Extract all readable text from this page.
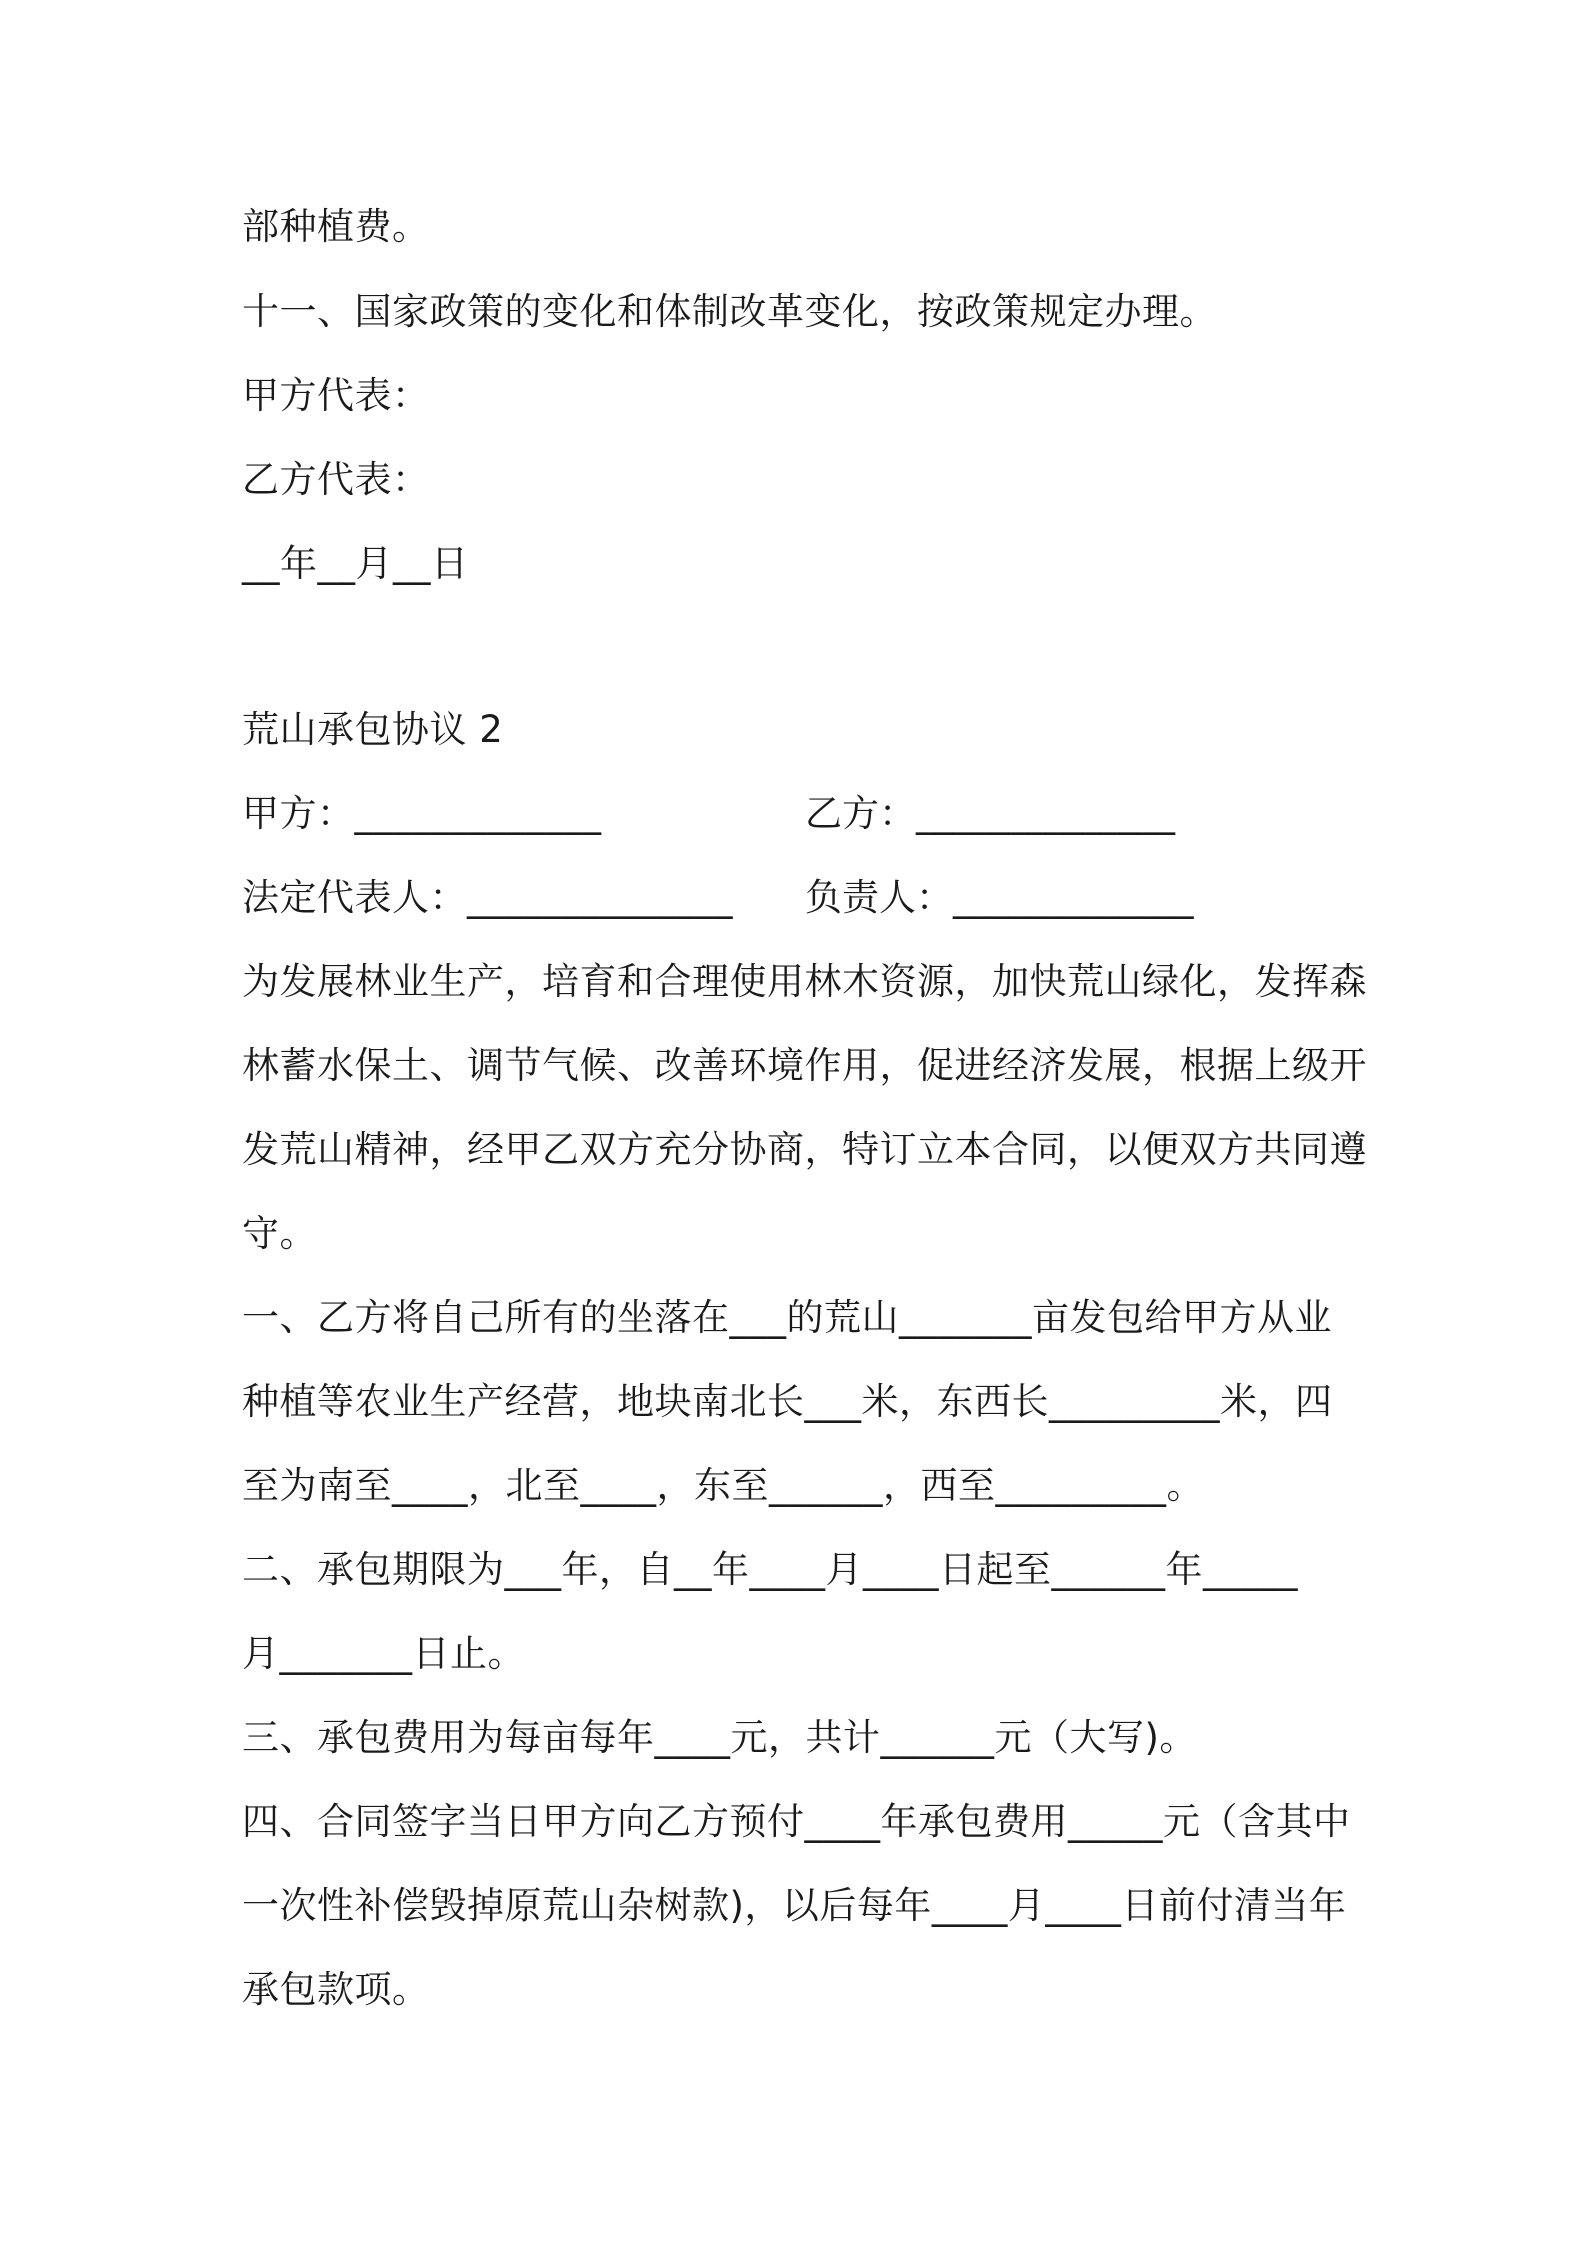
部种植费。
十一、国家政策的变化和体制改革变化，按政策规定办理。
甲方代表：
乙方代表：
__年__月__日
荒山承包协议 2
甲方：_____________	乙方：______________
法定代表人：______________	负责人：_____________
为发展林业生产，培育和合理使用林木资源，加快荒山绿化，发挥森
林蓄水保土、调节气候、改善环境作用，促进经济发展，根据上级开
发荒山精神，经甲乙双方充分协商，特订立本合同，以便双方共同遵
守。
一、乙方将自己所有的坐落在___的荒山_______亩发包给甲方从业
种植等农业生产经营，地块南北长___米，东西长_________米，四
至为南至____，北至____，东至______，西至_________。
二、承包期限为___年，自__年____月____日起至______年_____
月_______日止。
三、承包费用为每亩每年____元，共计______元（大写)。
四、合同签字当日甲方向乙方预付____年承包费用_____元（含其中
一次性补偿毁掉原荒山杂树款)，以后每年____月____日前付清当年
承包款项。
